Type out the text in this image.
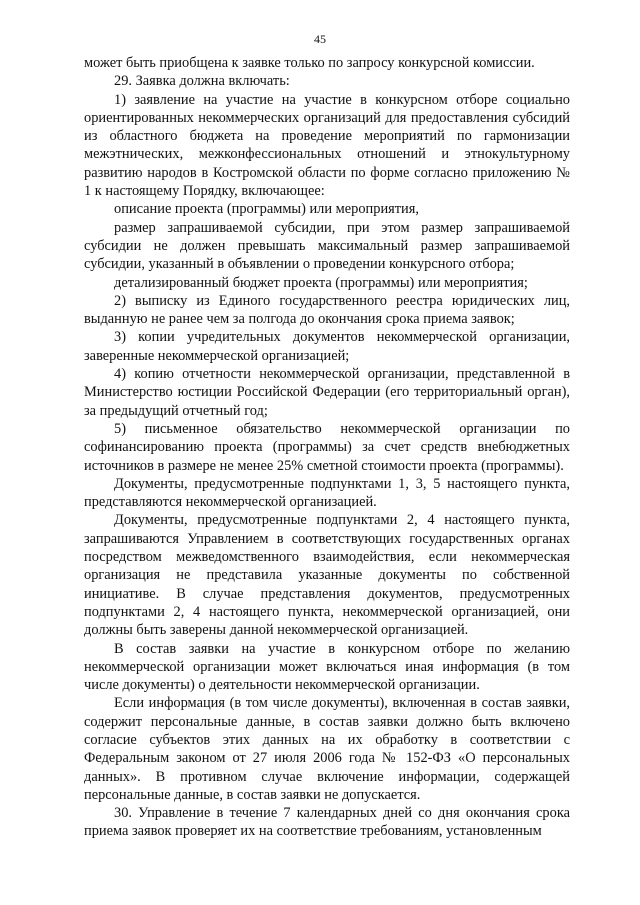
45

может быть приобщена к заявке только по запросу конкурсной комиссии.

29. Заявка должна включать:

1) заявление на участие на участие в конкурсном отборе социально ориентированных некоммерческих организаций для предоставления субсидий из областного бюджета на проведение мероприятий по гармонизации межэтнических, межконфессиональных отношений и этнокультурному развитию народов в Костромской области по форме согласно приложению № 1 к настоящему Порядку, включающее:

описание проекта (программы) или мероприятия,

размер запрашиваемой субсидии, при этом размер запрашиваемой субсидии не должен превышать максимальный размер запрашиваемой субсидии, указанный в объявлении о проведении конкурсного отбора;

детализированный бюджет проекта (программы) или мероприятия;

2) выписку из Единого государственного реестра юридических лиц, выданную не ранее чем за полгода до окончания срока приема заявок;

3) копии учредительных документов некоммерческой организации, заверенные некоммерческой организацией;

4) копию отчетности некоммерческой организации, представленной в Министерство юстиции Российской Федерации (его территориальный орган), за предыдущий отчетный год;

5) письменное обязательство некоммерческой организации по софинансированию проекта (программы) за счет средств внебюджетных источников в размере не менее 25% сметной стоимости проекта (программы).

Документы, предусмотренные подпунктами 1, 3, 5 настоящего пункта, представляются некоммерческой организацией.

Документы, предусмотренные подпунктами 2, 4 настоящего пункта, запрашиваются Управлением в соответствующих государственных органах посредством межведомственного взаимодействия, если некоммерческая организация не представила указанные документы по собственной инициативе. В случае представления документов, предусмотренных подпунктами 2, 4 настоящего пункта, некоммерческой организацией, они должны быть заверены данной некоммерческой организацией.

В состав заявки на участие в конкурсном отборе по желанию некоммерческой организации может включаться иная информация (в том числе документы) о деятельности некоммерческой организации.

Если информация (в том числе документы), включенная в состав заявки, содержит персональные данные, в состав заявки должно быть включено согласие субъектов этих данных на их обработку в соответствии с Федеральным законом от 27 июля 2006 года № 152-ФЗ «О персональных данных». В противном случае включение информации, содержащей персональные данные, в состав заявки не допускается.

30. Управление в течение 7 календарных дней со дня окончания срока приема заявок проверяет их на соответствие требованиям, установленным
